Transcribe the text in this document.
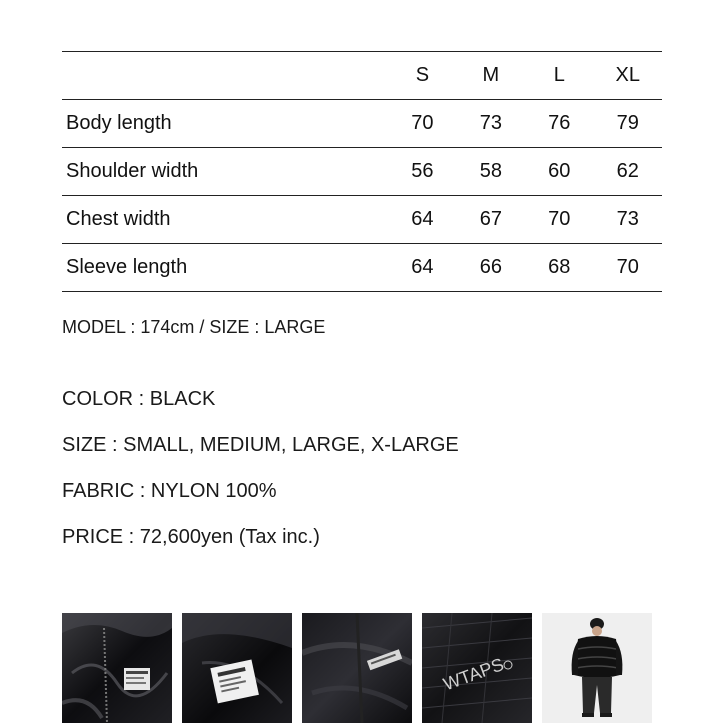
	S	M	L	XL
Body length	70	73	76	79
Shoulder width	56	58	60	62
Chest width	64	67	70	73
Sleeve length	64	66	68	70

MODEL : 174cm / SIZE : LARGE

COLOR : BLACK

SIZE : SMALL, MEDIUM, LARGE, X-LARGE

FABRIC : NYLON 100%

PRICE : 72,600yen (Tax inc.)

WTAPS
